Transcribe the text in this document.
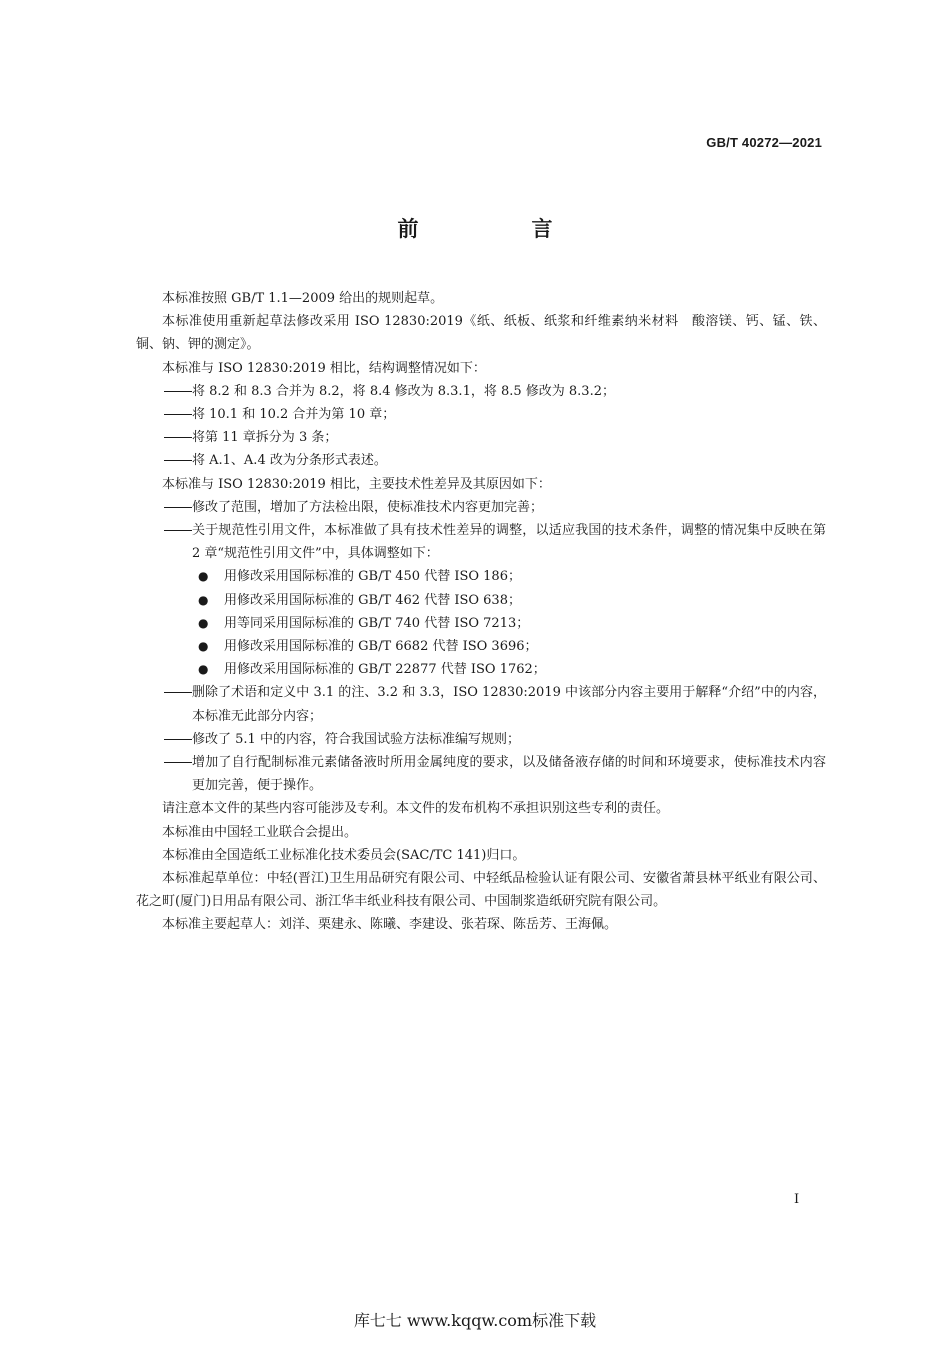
GB/T 40272—2021
前　言

本标准按照 GB/T 1.1—2009 给出的规则起草。

本标准使用重新起草法修改采用 ISO 12830:2019《纸、纸板、纸浆和纤维素纳米材料　酸溶镁、钙、锰、铁、铜、钠、钾的测定》。

本标准与 ISO 12830:2019 相比，结构调整情况如下：

将 8.2 和 8.3 合并为 8.2，将 8.4 修改为 8.3.1，将 8.5 修改为 8.3.2；
将 10.1 和 10.2 合并为第 10 章；
将第 11 章拆分为 3 条；
将 A.1、A.4 改为分条形式表述。

本标准与 ISO 12830:2019 相比，主要技术性差异及其原因如下：

修改了范围，增加了方法检出限，使标准技术内容更加完善；
关于规范性引用文件，本标准做了具有技术性差异的调整，以适应我国的技术条件，调整的情况集中反映在第 2 章“规范性引用文件”中，具体调整如下：
● 用修改采用国际标准的 GB/T 450 代替 ISO 186；
● 用修改采用国际标准的 GB/T 462 代替 ISO 638；
● 用等同采用国际标准的 GB/T 740 代替 ISO 7213；
● 用修改采用国际标准的 GB/T 6682 代替 ISO 3696；
● 用修改采用国际标准的 GB/T 22877 代替 ISO 1762；
删除了术语和定义中 3.1 的注、3.2 和 3.3，ISO 12830:2019 中该部分内容主要用于解释“介绍”中的内容，本标准无此部分内容；
修改了 5.1 中的内容，符合我国试验方法标准编写规则；
增加了自行配制标准元素储备液时所用金属纯度的要求，以及储备液存储的时间和环境要求，使标准技术内容更加完善，便于操作。

请注意本文件的某些内容可能涉及专利。本文件的发布机构不承担识别这些专利的责任。

本标准由中国轻工业联合会提出。

本标准由全国造纸工业标准化技术委员会(SAC/TC 141)归口。

本标准起草单位：中轻(晋江)卫生用品研究有限公司、中轻纸品检验认证有限公司、安徽省萧县林平纸业有限公司、花之町(厦门)日用品有限公司、浙江华丰纸业科技有限公司、中国制浆造纸研究院有限公司。

本标准主要起草人：刘洋、栗建永、陈曦、李建设、张若琛、陈岳芳、王海佩。

I
库七七 www.kqqw.com标准下载
